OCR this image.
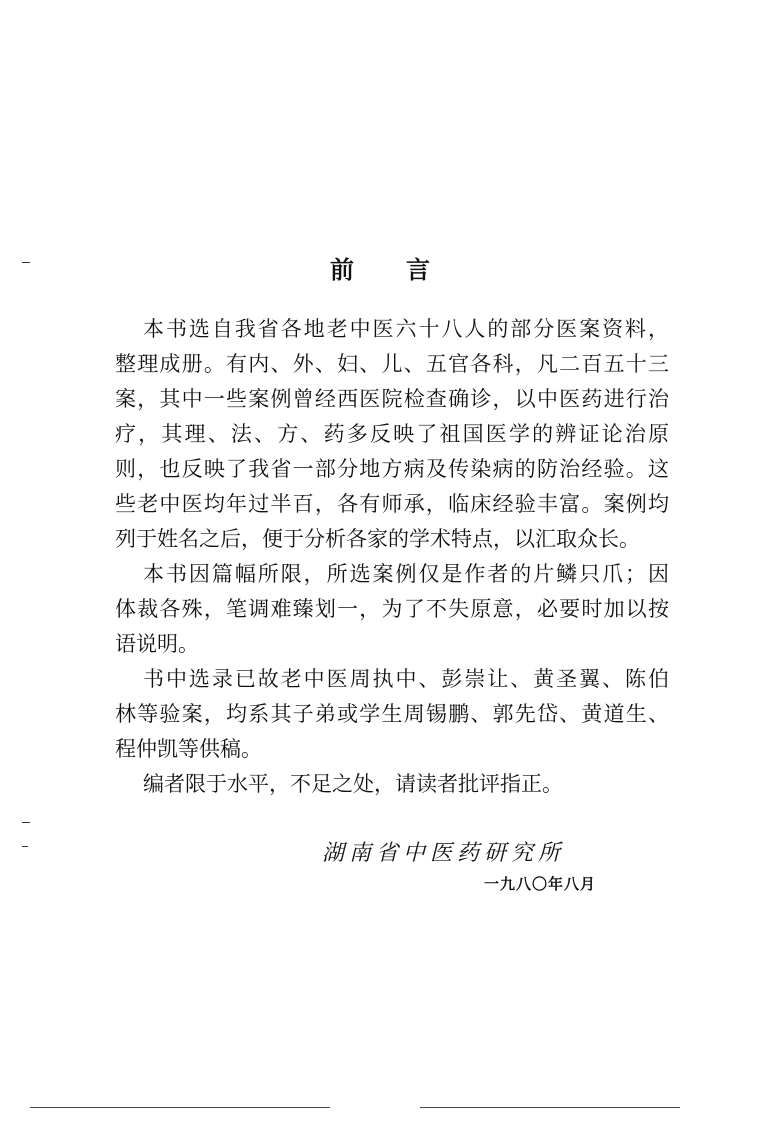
前 言
本书选自我省各地老中医六十八人的部分医案资料，
整理成册。有内、外、妇、儿、五官各科，凡二百五十三
案，其中一些案例曾经西医院检查确诊，以中医药进行治
疗，其理、法、方、药多反映了祖国医学的辨证论治原
则，也反映了我省一部分地方病及传染病的防治经验。这
些老中医均年过半百，各有师承，临床经验丰富。案例均
列于姓名之后，便于分析各家的学术特点，以汇取众长。
本书因篇幅所限，所选案例仅是作者的片鳞只爪；因
体裁各殊，笔调难臻划一，为了不失原意，必要时加以按
语说明。
书中选录已故老中医周执中、彭崇让、黄圣翼、陈伯
林等验案，均系其子弟或学生周锡鹏、郭先岱、黄道生、
程仲凯等供稿。
编者限于水平，不足之处，请读者批评指正。
湖南省中医药研究所
一九八〇年八月
